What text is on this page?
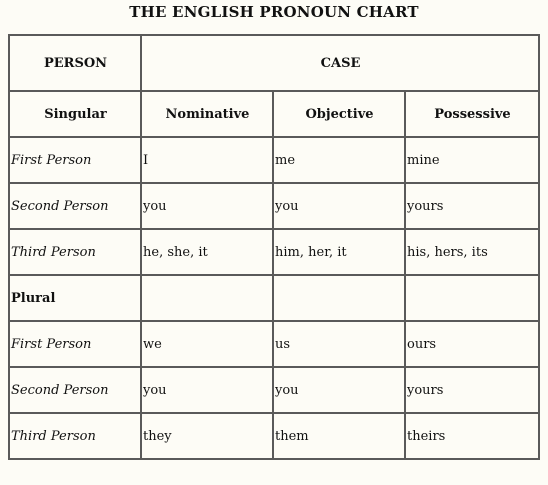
THE ENGLISH PRONOUN CHART
PERSON	CASE		
Singular	Nominative	Objective	Possessive
First Person	I	me	mine
Second Person	you	you	yours
Third Person	he, she, it	him, her, it	his, hers, its
Plural			
First Person	we	us	ours
Second Person	you	you	yours
Third Person	they	them	theirs
